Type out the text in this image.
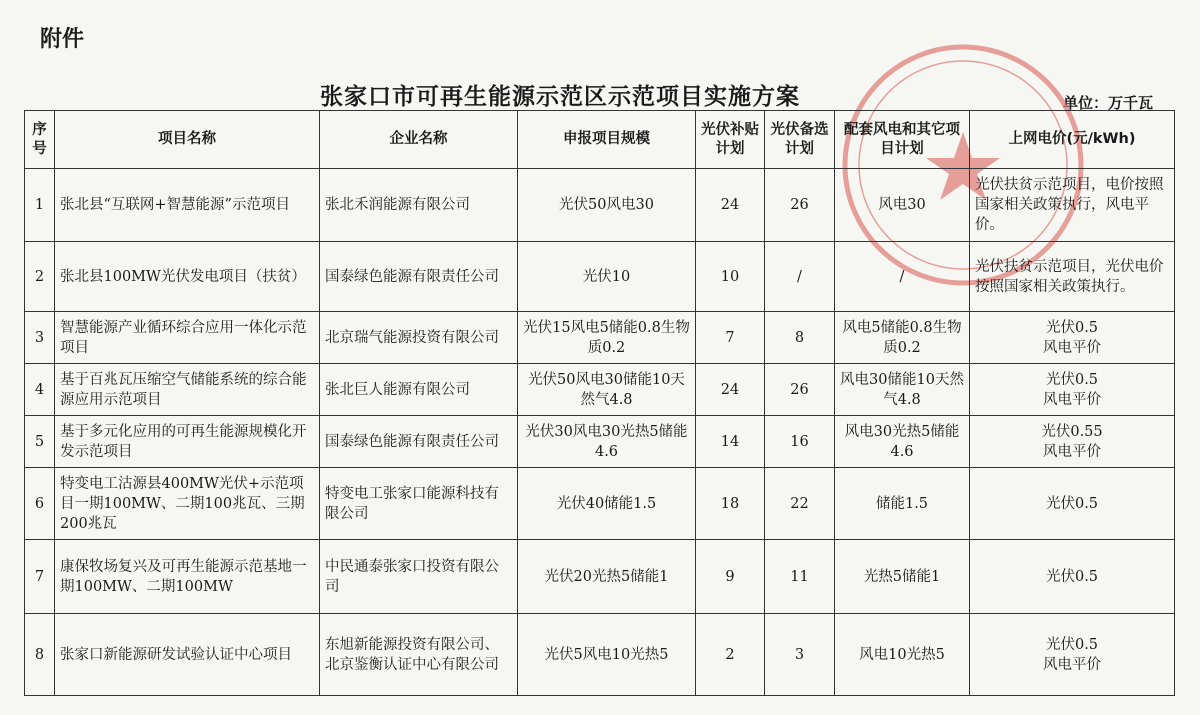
附件
张家口市可再生能源示范区示范项目实施方案	单位：万千瓦
序号	项目名称	企业名称	申报项目规模	光伏补贴计划	光伏备选计划	配套风电和其它项目计划	上网电价(元/kWh)
1	张北县“互联网+智慧能源”示范项目	张北禾润能源有限公司	光伏50风电30	24	26	风电30	光伏扶贫示范项目，电价按照国家相关政策执行，风电平价。
2	张北县100MW光伏发电项目（扶贫）	国泰绿色能源有限责任公司	光伏10	10	/	/	光伏扶贫示范项目，光伏电价按照国家相关政策执行。
3	智慧能源产业循环综合应用一体化示范项目	北京瑞气能源投资有限公司	光伏15风电5储能0.8生物质0.2	7	8	风电5储能0.8生物质0.2	光伏0.5
风电平价
4	基于百兆瓦压缩空气储能系统的综合能源应用示范项目	张北巨人能源有限公司	光伏50风电30储能10天然气4.8	24	26	风电30储能10天然气4.8	光伏0.5
风电平价
5	基于多元化应用的可再生能源规模化开发示范项目	国泰绿色能源有限责任公司	光伏30风电30光热5储能4.6	14	16	风电30光热5储能4.6	光伏0.55
风电平价
6	特变电工沽源县400MW光伏+示范项目一期100MW、二期100兆瓦、三期200兆瓦	特变电工张家口能源科技有限公司	光伏40储能1.5	18	22	储能1.5	光伏0.5
7	康保牧场复兴及可再生能源示范基地一期100MW、二期100MW	中民通泰张家口投资有限公司	光伏20光热5储能1	9	11	光热5储能1	光伏0.5
8	张家口新能源研发试验认证中心项目	东旭新能源投资有限公司、北京鉴衡认证中心有限公司	光伏5风电10光热5	2	3	风电10光热5	光伏0.5
风电平价
